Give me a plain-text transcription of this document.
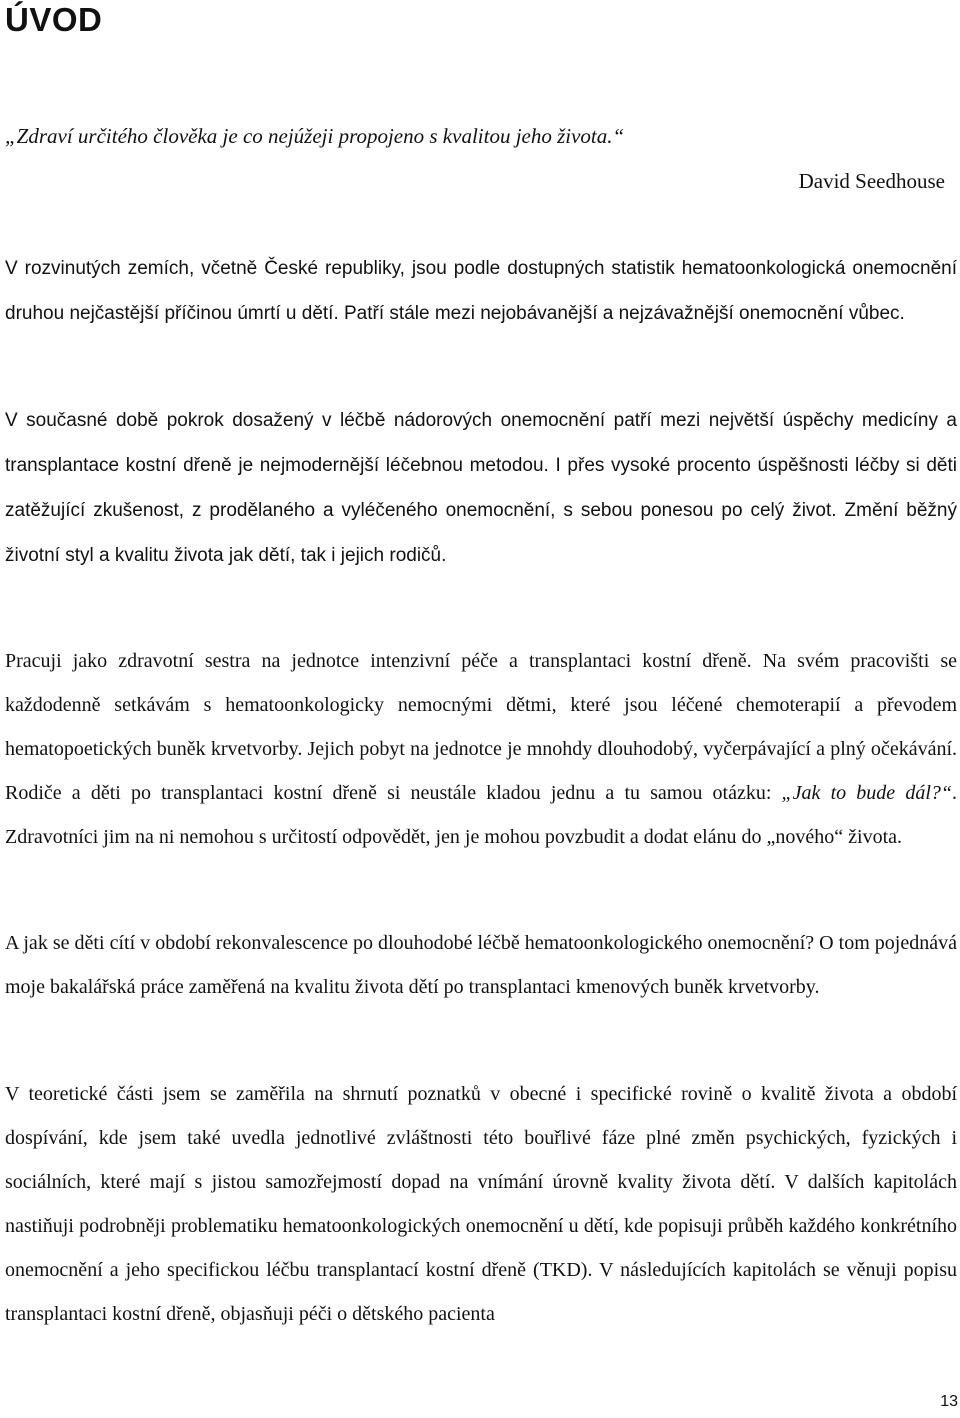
ÚVOD

„Zdraví určitého člověka je co nejúžeji propojeno s kvalitou jeho života.“

David Seedhouse

V rozvinutých zemích, včetně České republiky, jsou podle dostupných statistik hematoonkologická onemocnění druhou nejčastější příčinou úmrtí u dětí. Patří stále mezi nejobávanější a nejzávažnější onemocnění vůbec.

V současné době pokrok dosažený v léčbě nádorových onemocnění patří mezi největší úspěchy medicíny a transplantace kostní dřeně je nejmodernější léčebnou metodou. I přes vysoké procento úspěšnosti léčby si děti zatěžující zkušenost, z prodělaného a vyléčeného onemocnění, s sebou ponesou po celý život. Změní běžný životní styl a kvalitu života jak dětí, tak i jejich rodičů.

Pracuji jako zdravotní sestra na jednotce intenzivní péče a transplantaci kostní dřeně. Na svém pracovišti se každodenně setkávám s hematoonkologicky nemocnými dětmi, které jsou léčené chemoterapií a převodem hematopoetických buněk krvetvorby. Jejich pobyt na jednotce je mnohdy dlouhodobý, vyčerpávající a plný očekávání. Rodiče a děti po transplantaci kostní dřeně si neustále kladou jednu a tu samou otázku: „Jak to bude dál?“. Zdravotníci jim na ni nemohou s určitostí odpovědět, jen je mohou povzbudit a dodat elánu do „nového“ života.

A jak se děti cítí v období rekonvalescence po dlouhodobé léčbě hematoonkologického onemocnění? O tom pojednává moje bakalářská práce zaměřená na kvalitu života dětí po transplantaci kmenových buněk krvetvorby.

V teoretické části jsem se zaměřila na shrnutí poznatků v obecné i specifické rovině o kvalitě života a období dospívání, kde jsem také uvedla jednotlivé zvláštnosti této bouřlivé fáze plné změn psychických, fyzických i sociálních, které mají s jistou samozřejmostí dopad na vnímání úrovně kvality života dětí. V dalších kapitolách nastiňuji podrobněji problematiku hematoonkologických onemocnění u dětí, kde popisuji průběh každého konkrétního onemocnění a jeho specifickou léčbu transplantací kostní dřeně (TKD). V následujících kapitolách se věnuji popisu transplantaci kostní dřeně, objasňuji péči o dětského pacienta

13
